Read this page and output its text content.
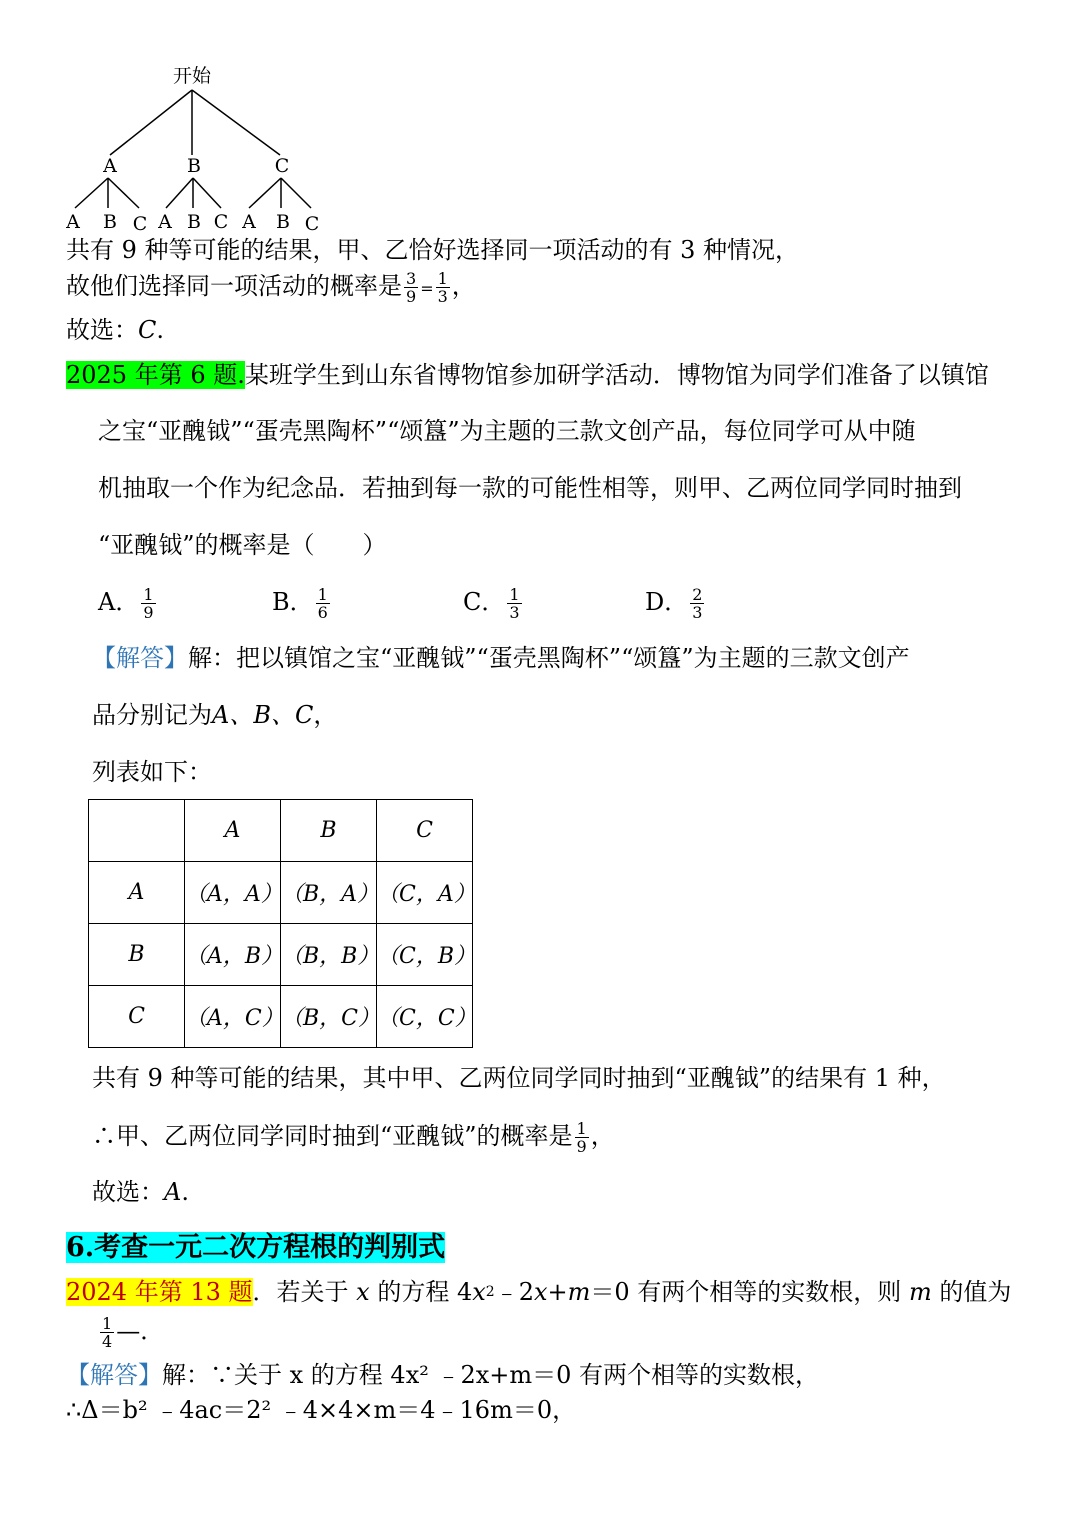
开始
A	B	C
A B C A B C A B C
共有 9 种等可能的结果，甲、乙恰好选择同一项活动的有 3 种情况，
故他们选择同一项活动的概率是 $\frac{3}{9} = \frac{1}{3}$ ，
故选：C.
2025 年第 6 题.某班学生到山东省博物馆参加研学活动．博物馆为同学们准备了以镇馆
之宝“亚醜钺”“蛋壳黑陶杯”“颂簋”为主题的三款文创产品，每位同学可从中随
机抽取一个作为纪念品．若抽到每一款的可能性相等，则甲、乙两位同学同时抽到
“亚醜钺”的概率是（　　）
A． $\frac{1}{9}$	B． $\frac{1}{6}$	C． $\frac{1}{3}$	D． $\frac{2}{3}$
【解答】解：把以镇馆之宝“亚醜钺”“蛋壳黑陶杯”“颂簋”为主题的三款文创产
品分别记为A、B、C，
列表如下：
	A	B	C
A	（A，A）	（B，A）	（C，A）
B	（A，B）	（B，B）	（C，B）
C	（A，C）	（B，C）	（C，C）
共有 9 种等可能的结果，其中甲、乙两位同学同时抽到“亚醜钺”的结果有 1 种，
∴甲、乙两位同学同时抽到“亚醜钺”的概率是 $\frac{1}{9}$ ，
故选：A.
6.考查一元二次方程根的判别式
2024 年第 13 题．若关于 x 的方程 $4x^2﹣2x+m=0$ 有两个相等的实数根，则 m 的值为
$\frac{1}{4}$ —．
【解答】解：∵关于 x 的方程 4x² ﹣2x+m＝0 有两个相等的实数根，
∴Δ＝b² ﹣4ac＝2² ﹣4×4×m＝4﹣16m＝0，
